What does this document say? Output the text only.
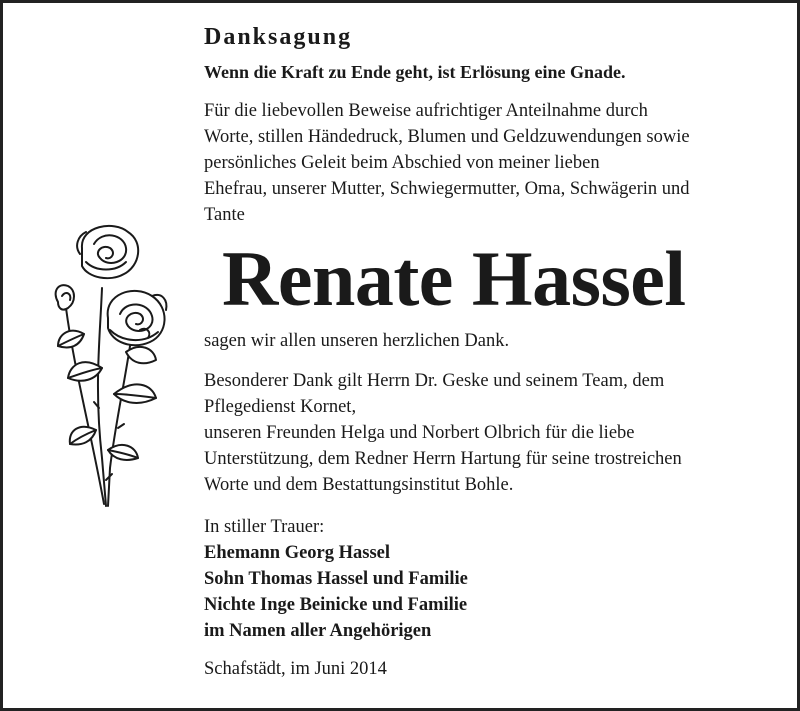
Danksagung
Wenn die Kraft zu Ende geht, ist Erlösung eine Gnade.
Für die liebevollen Beweise aufrichtiger Anteilnahme durch
Worte, stillen Händedruck, Blumen und Geldzuwendungen sowie
persönliches Geleit beim Abschied von meiner lieben
Ehefrau, unserer Mutter, Schwiegermutter, Oma, Schwägerin und
Tante
Renate Hassel
sagen wir allen unseren herzlichen Dank.
Besonderer Dank gilt Herrn Dr. Geske und seinem Team, dem
Pflegedienst Kornet,
unseren Freunden Helga und Norbert Olbrich für die liebe
Unterstützung, dem Redner Herrn Hartung für seine trostreichen
Worte und dem Bestattungsinstitut Bohle.
In stiller Trauer:
Ehemann Georg Hassel
Sohn Thomas Hassel und Familie
Nichte Inge Beinicke und Familie
im Namen aller Angehörigen
Schafstädt, im Juni 2014
